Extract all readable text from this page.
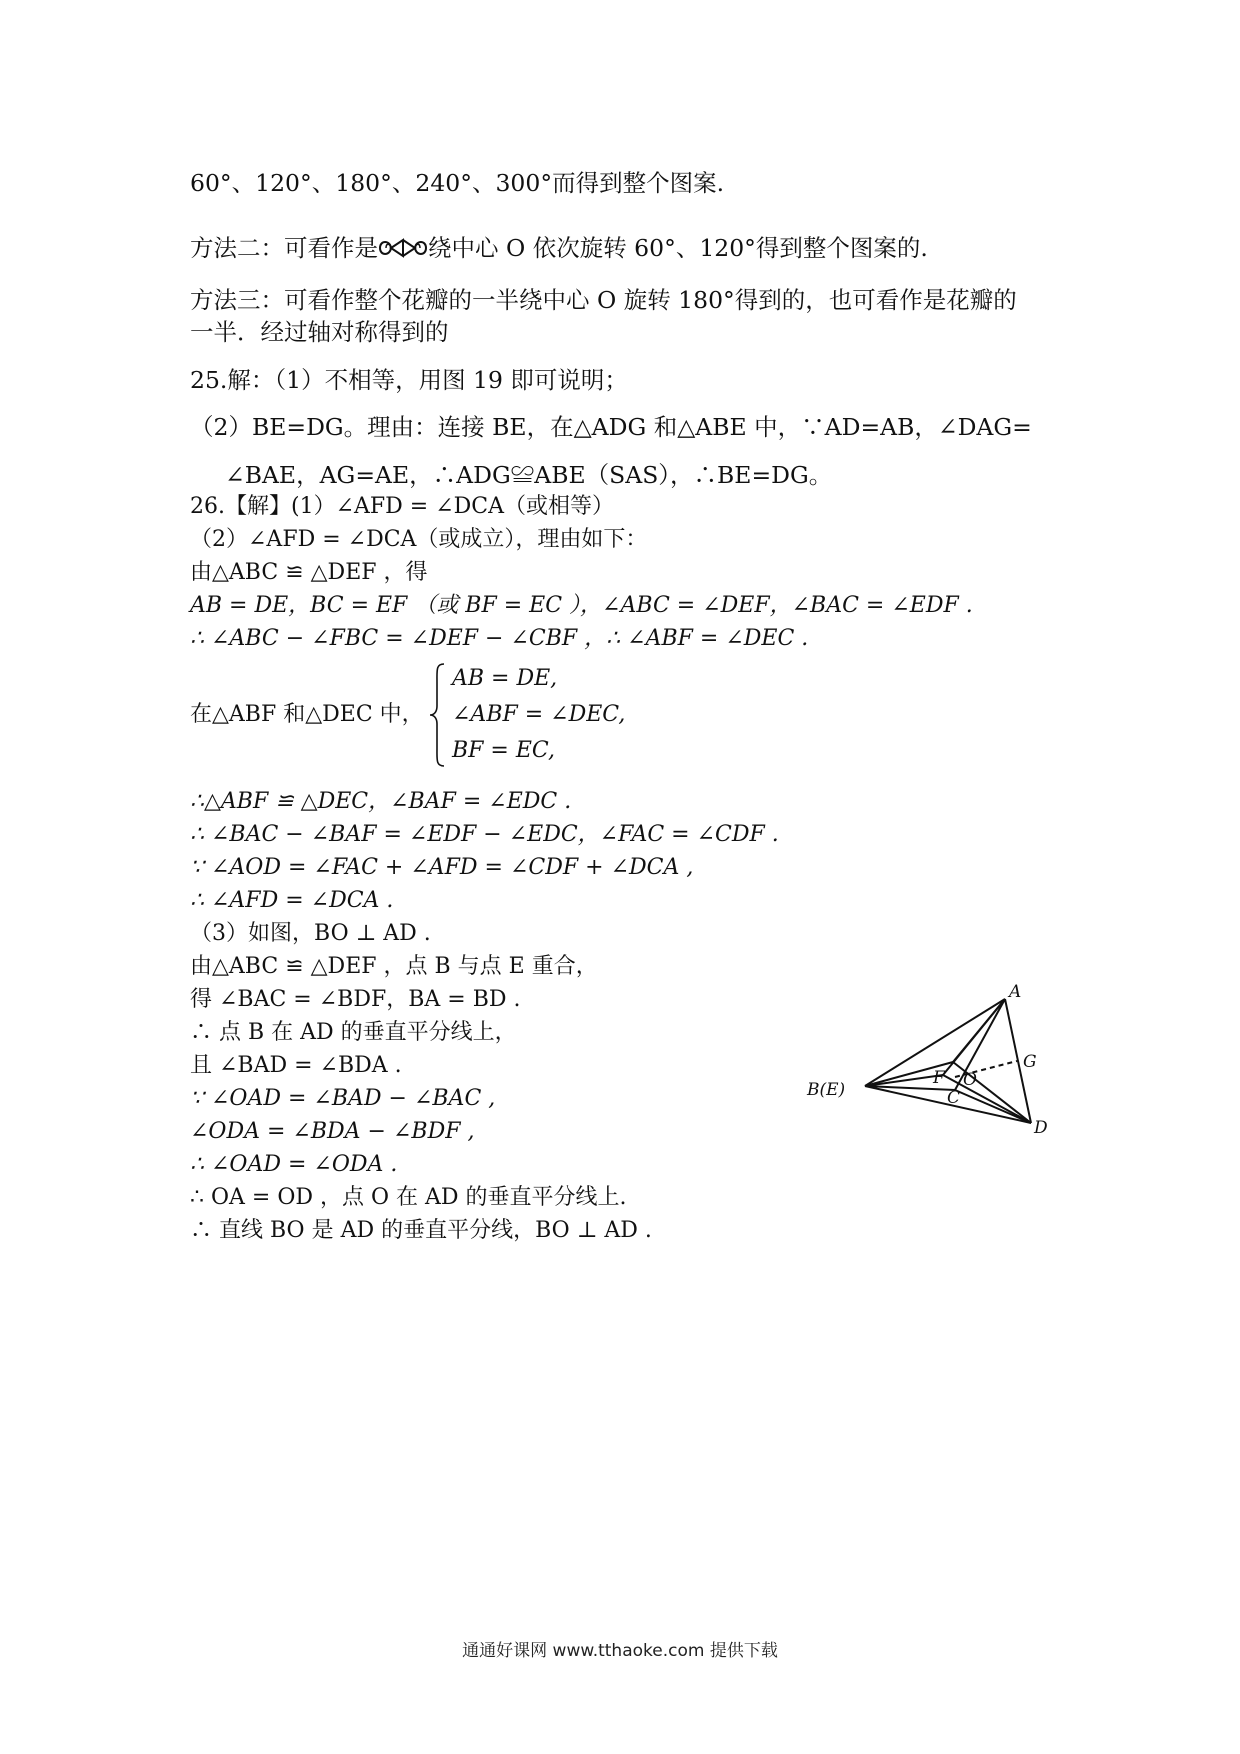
60°、120°、180°、240°、300°而得到整个图案.
方法二：可看作是 绕中心 O 依次旋转 60°、120°得到整个图案的.
方法三：可看作整个花瓣的一半绕中心 O 旋转 180°得到的，也可看作是花瓣的
一半．经过轴对称得到的
25.解：（1）不相等，用图 19 即可说明；
（2）BE=DG。理由：连接 BE，在△ADG 和△ABE 中，∵AD=AB，∠DAG=
∠BAE，AG=AE，∴ADG≌ABE（SAS），∴BE=DG。
26.【解】(1）∠AFD = ∠DCA（或相等）
（2）∠AFD = ∠DCA（或成立），理由如下：
由△ABC ≌ △DEF ，得
AB = DE，BC = EF （或 BF = EC ），∠ABC = ∠DEF，∠BAC = ∠EDF .
∴ ∠ABC − ∠FBC = ∠DEF − ∠CBF ，∴ ∠ABF = ∠DEC .
在△ABF 和△DEC 中，
AB = DE,
∠ABF = ∠DEC,
BF = EC,
∴△ABF ≌ △DEC，∠BAF = ∠EDC .
∴ ∠BAC − ∠BAF = ∠EDF − ∠EDC，∠FAC = ∠CDF .
∵ ∠AOD = ∠FAC + ∠AFD = ∠CDF + ∠DCA ,
∴ ∠AFD = ∠DCA .
（3）如图，BO ⊥ AD .
由△ABC ≌ △DEF ，点 B 与点 E 重合，
得 ∠BAC = ∠BDF，BA = BD .
∴ 点 B 在 AD 的垂直平分线上，
且 ∠BAD = ∠BDA .
∵ ∠OAD = ∠BAD − ∠BAC ,
∠ODA = ∠BDA − ∠BDF ,
∴ ∠OAD = ∠ODA .
∴ OA = OD ，点 O 在 AD 的垂直平分线上.
∴ 直线 BO 是 AD 的垂直平分线，BO ⊥ AD .
A
G
O
F
C
B(E)
D
通通好课网 www.tthaoke.com 提供下载
